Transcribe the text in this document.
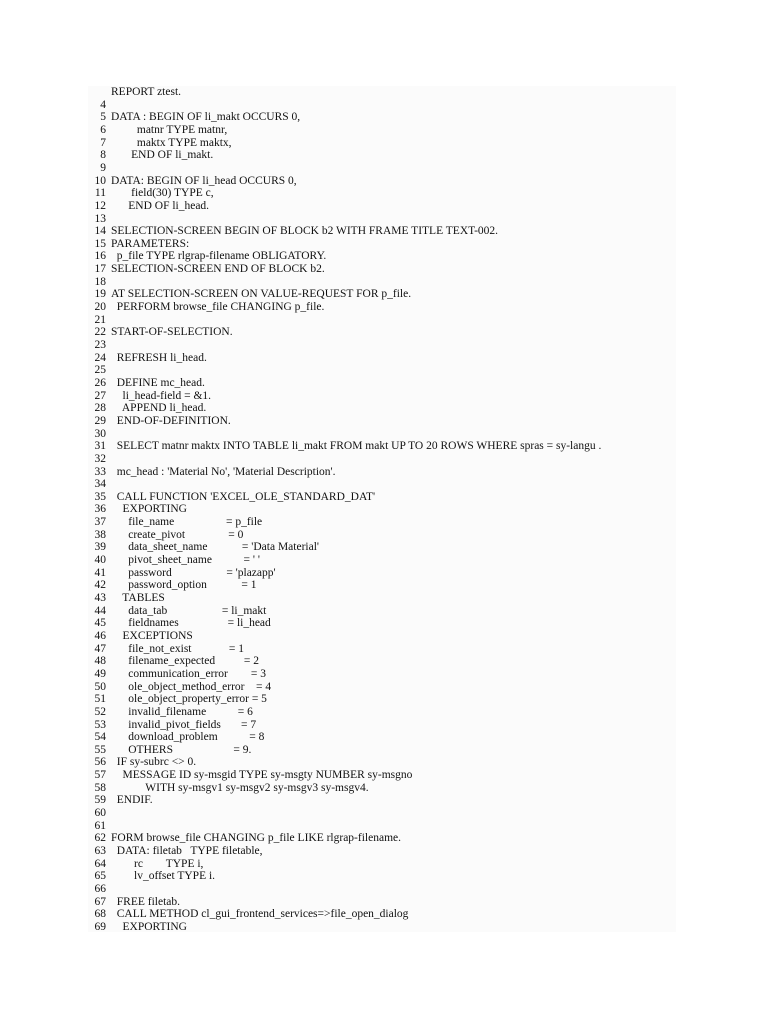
REPORT ztest.
4
5 DATA : BEGIN OF li_makt OCCURS 0,
6 matnr TYPE matnr,
7 maktx TYPE maktx,
8 END OF li_makt.
9
10 DATA: BEGIN OF li_head OCCURS 0,
11 field(30) TYPE c,
12 END OF li_head.
13
14 SELECTION-SCREEN BEGIN OF BLOCK b2 WITH FRAME TITLE TEXT-002.
15 PARAMETERS:
16 p_file TYPE rlgrap-filename OBLIGATORY.
17 SELECTION-SCREEN END OF BLOCK b2.
18
19 AT SELECTION-SCREEN ON VALUE-REQUEST FOR p_file.
20 PERFORM browse_file CHANGING p_file.
21
22 START-OF-SELECTION.
23
24 REFRESH li_head.
25
26 DEFINE mc_head.
27 li_head-field = &1.
28 APPEND li_head.
29 END-OF-DEFINITION.
30
31 SELECT matnr maktx INTO TABLE li_makt FROM makt UP TO 20 ROWS WHERE spras = sy-langu .
32
33 mc_head : 'Material No', 'Material Description'.
34
35 CALL FUNCTION 'EXCEL_OLE_STANDARD_DAT'
36 EXPORTING
37 file_name                  = p_file
38 create_pivot               = 0
39 data_sheet_name            = 'Data Material'
40 pivot_sheet_name           = ' '
41 password                   = 'plazapp'
42 password_option            = 1
43 TABLES
44 data_tab                   = li_makt
45 fieldnames                 = li_head
46 EXCEPTIONS
47 file_not_exist             = 1
48 filename_expected          = 2
49 communication_error        = 3
50 ole_object_method_error    = 4
51 ole_object_property_error = 5
52 invalid_filename           = 6
53 invalid_pivot_fields       = 7
54 download_problem           = 8
55 OTHERS                     = 9.
56 IF sy-subrc <> 0.
57 MESSAGE ID sy-msgid TYPE sy-msgty NUMBER sy-msgno
58 WITH sy-msgv1 sy-msgv2 sy-msgv3 sy-msgv4.
59 ENDIF.
60
61
62 FORM browse_file CHANGING p_file LIKE rlgrap-filename.
63 DATA: filetab   TYPE filetable,
64 rc        TYPE i,
65 lv_offset TYPE i.
66
67 FREE filetab.
68 CALL METHOD cl_gui_frontend_services=>file_open_dialog
69 EXPORTING
